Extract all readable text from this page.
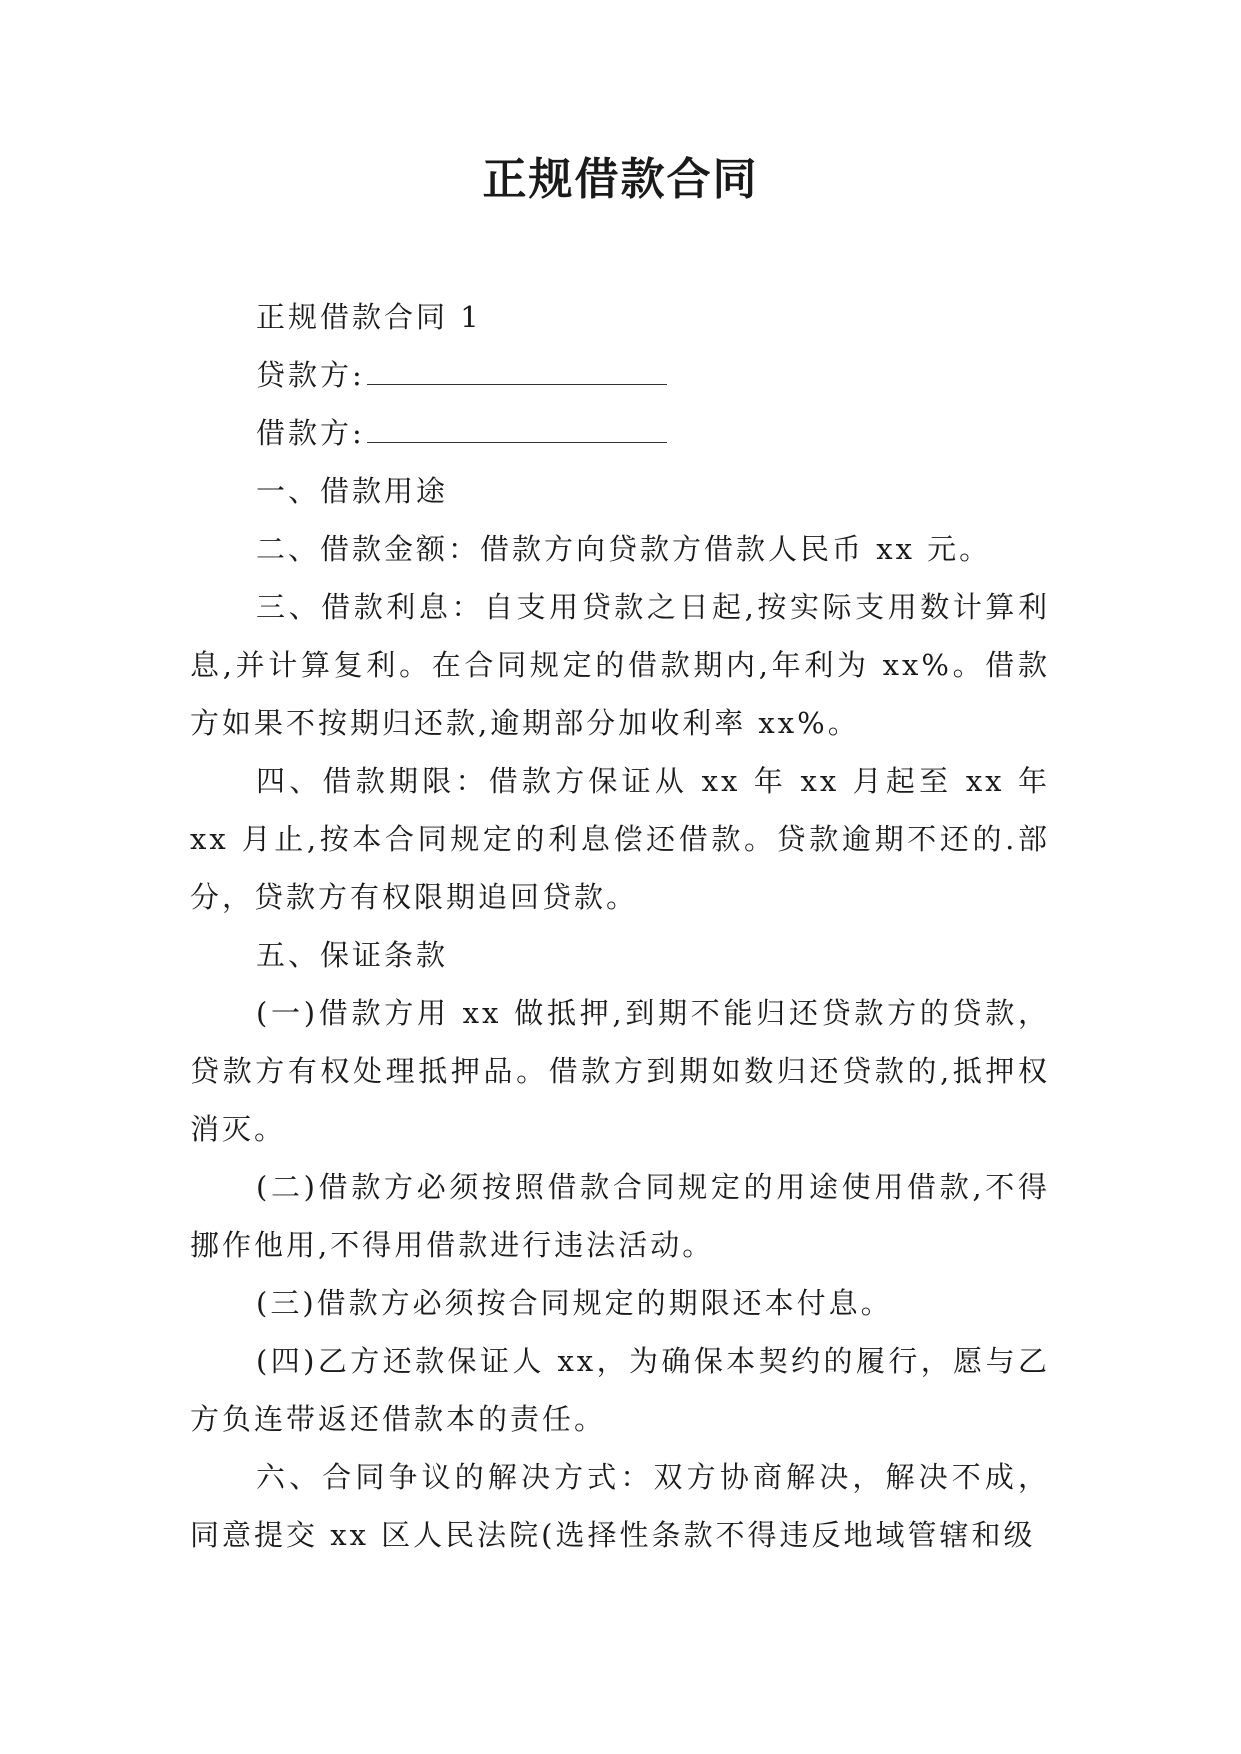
正规借款合同

正规借款合同 1

贷款方:

借款方:

一、借款用途

二、借款金额：借款方向贷款方借款人民币 xx 元。

三、借款利息：自支用贷款之日起,按实际支用数计算利息,并计算复利。在合同规定的借款期内,年利为 xx%。借款方如果不按期归还款,逾期部分加收利率 xx%。

四、借款期限：借款方保证从 xx 年 xx 月起至 xx 年 xx 月止,按本合同规定的利息偿还借款。贷款逾期不还的.部分，贷款方有权限期追回贷款。

五、保证条款

(一)借款方用 xx 做抵押,到期不能归还贷款方的贷款，贷款方有权处理抵押品。借款方到期如数归还贷款的,抵押权消灭。

(二)借款方必须按照借款合同规定的用途使用借款,不得挪作他用,不得用借款进行违法活动。

(三)借款方必须按合同规定的期限还本付息。

(四)乙方还款保证人 xx，为确保本契约的履行，愿与乙方负连带返还借款本的责任。

六、合同争议的解决方式：双方协商解决，解决不成，同意提交 xx 区人民法院(选择性条款不得违反地域管辖和级
